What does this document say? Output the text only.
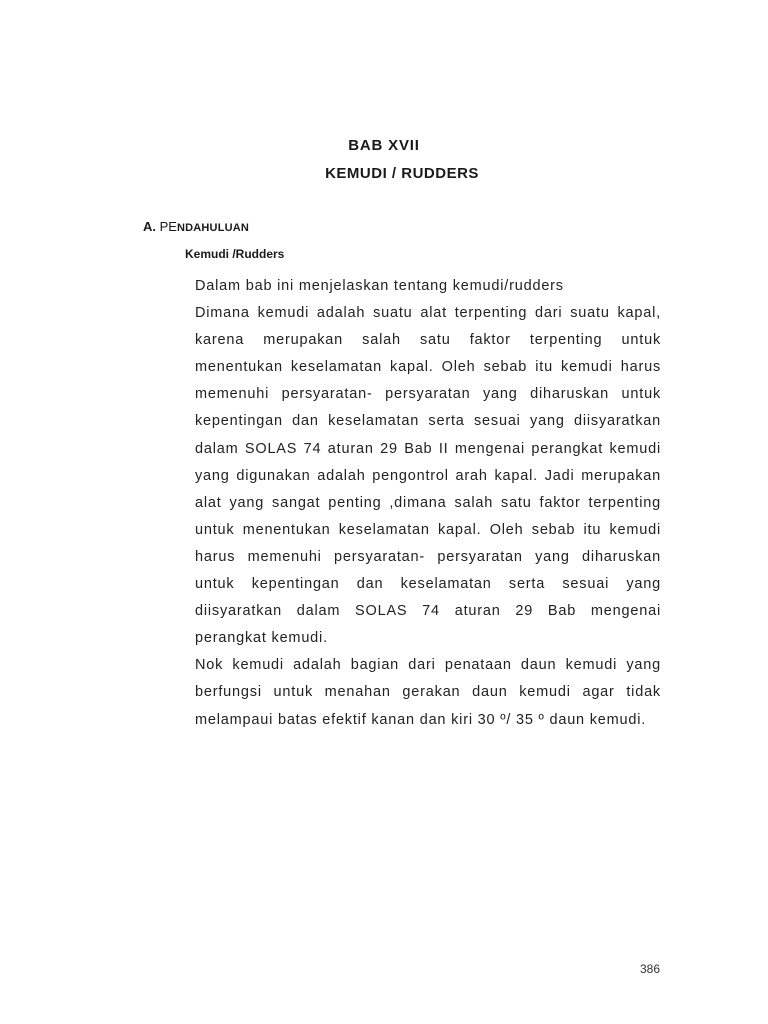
BAB XVII
KEMUDI / RUDDERS
A. PENDAHULUAN
Kemudi /Rudders

Dalam bab ini menjelaskan tentang kemudi/rudders

Dimana kemudi adalah suatu alat terpenting dari suatu kapal, karena merupakan salah satu faktor terpenting untuk menentukan keselamatan kapal. Oleh sebab itu kemudi harus memenuhi persyaratan- persyaratan yang diharuskan untuk kepentingan dan keselamatan serta sesuai yang diisyaratkan dalam SOLAS 74 aturan 29 Bab II mengenai perangkat kemudi yang digunakan adalah pengontrol arah kapal. Jadi merupakan alat yang sangat penting ,dimana salah satu faktor terpenting untuk menentukan keselamatan kapal. Oleh sebab itu kemudi harus memenuhi persyaratan- persyaratan yang diharuskan untuk kepentingan dan keselamatan serta sesuai yang diisyaratkan dalam SOLAS 74 aturan 29 Bab mengenai perangkat kemudi.

Nok kemudi adalah bagian dari penataan daun kemudi yang berfungsi untuk menahan gerakan daun kemudi agar tidak melampaui batas efektif kanan dan kiri 30 º/ 35 º daun kemudi.

386
